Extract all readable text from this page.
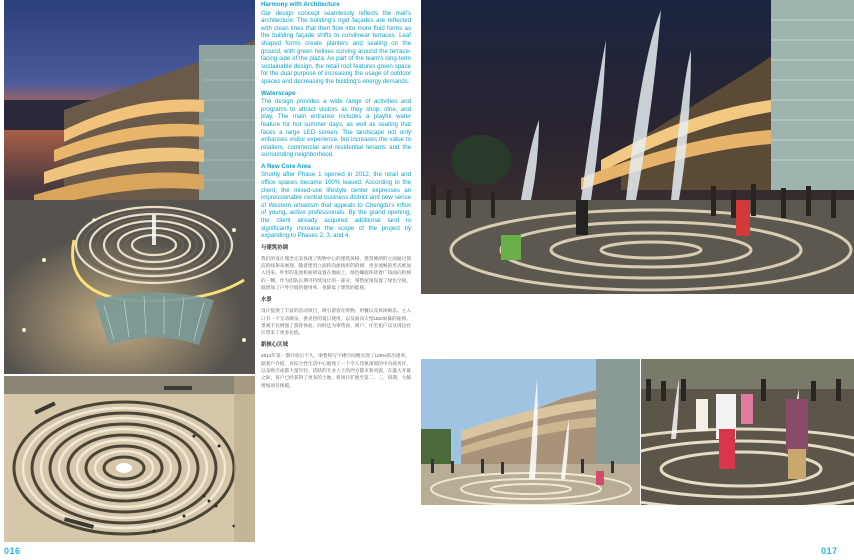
Harmony with Architecture

Our design concept seamlessly reflects the mall's architecture. The building's rigid façades are reflected with clean lines that then flow into more fluid forms as the building façade shifts to curvilinear terraces. Leaf shaped forms create planters and seating on the ground, with green helixes curving around the terrace-facing side of the plaza. As part of the team's long-term sustainable design, the retail roof features green space for the dual purpose of increasing the usage of outdoor spaces and decreasing the building's energy demands.

Waterscape

The design provides a wide range of activities and programs to attract visitors as they shop, dine, and play. The main entrance includes a playful water feature for hot summer days, as well as seating that faces a large LED screen. The landscape not only enhances visitor experience, but increases the value to retailers, commercial and residential tenants and the surrounding neighborhood.

A New Core Area

Shortly after Phase 1 opened in 2012, the retail and office spaces became 100% leased. According to the client, the mixed-use lifestyle center expresses an impressionable central business district and new sense of Western urbanism that appeals to Chengdu's influx of young, active professionals. By the grand opening, the client already acquired additional land to significantly increase the scope of the project by expanding to Phases 2, 3, and 4.

与建筑协调

我们的设计理念完美体现了购物中心的建筑风格。建筑硬朗的立面通过简洁的线条来展现，随着建筑立面转向流线形的阶梯，更多流畅的形式被加入进来。叶形的花池和座椅设置在地面上，绿色螺旋环绕着广场面向阶梯的一侧。作为团队长期可持续设计的一部分，零售屋顶设置了绿色空间，既增加了户外空间的使用率，也降低了建筑的能耗。

水景

设计提供了丰富的活动项目，吸引游客在购物、用餐以及休闲娱乐。主入口有一个互动喷泉，供炎热的夏日使用，以及面向大型LED屏幕的座椅。景观不仅增强了游客体验，同时还为零售商、商户、住宅租户以及周边社区带来了更多价值。

新核心区域

2012年第一期开放后不久，零售和写字楼空间便实现了100%的出租率。据客户介绍，该综合性生活中心展现了一个令人印象深刻的中央商务区，以及吸引成都大量年轻、活跃的专业人士的西方都市新风貌。在盛大开幕之际，客户已经获得了更多的土地，将项目扩展至第二、三、四期，大幅增加项目规模。

016	017
